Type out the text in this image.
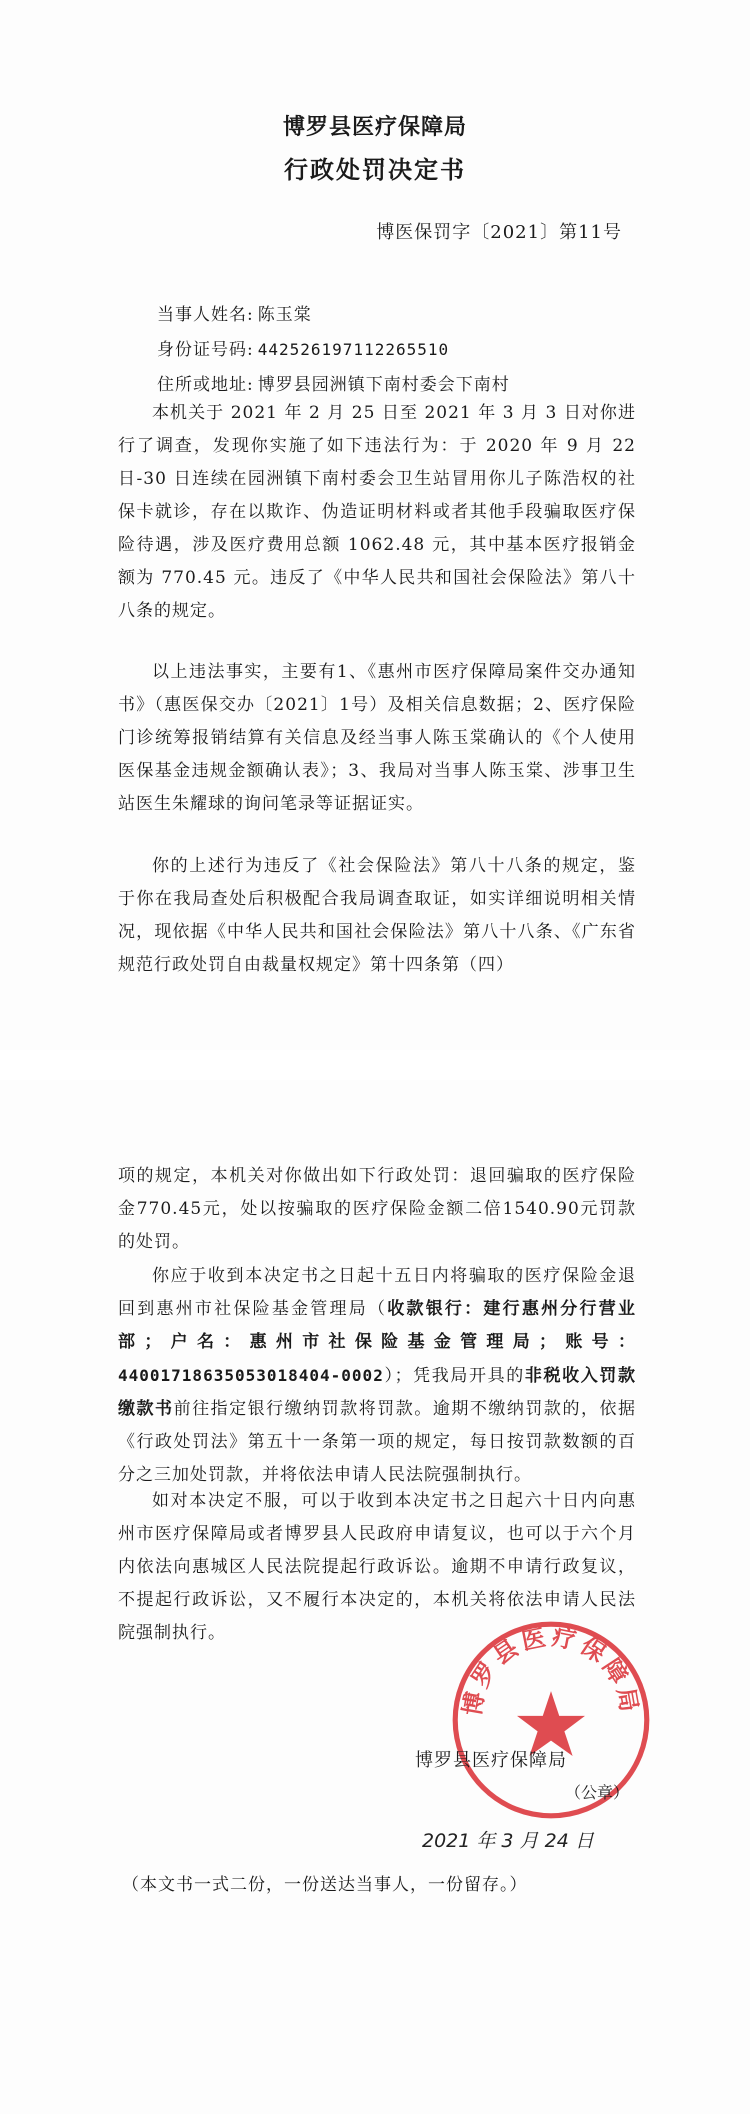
博罗县医疗保障局
行政处罚决定书
博医保罚字〔2021〕第11号
当事人姓名: 陈玉棠
身份证号码: 442526197112265510
住所或地址: 博罗县园洲镇下南村委会下南村

本机关于 2021 年 2 月 25 日至 2021 年 3 月 3 日对你进行了调查，发现你实施了如下违法行为：于 2020 年 9 月 22 日-30 日连续在园洲镇下南村委会卫生站冒用你儿子陈浩权的社保卡就诊，存在以欺诈、伪造证明材料或者其他手段骗取医疗保险待遇，涉及医疗费用总额 1062.48 元，其中基本医疗报销金额为 770.45 元。违反了《中华人民共和国社会保险法》第八十八条的规定。

以上违法事实，主要有1、《惠州市医疗保障局案件交办通知书》（惠医保交办〔2021〕1号）及相关信息数据；2、医疗保险门诊统筹报销结算有关信息及经当事人陈玉棠确认的《个人使用医保基金违规金额确认表》；3、我局对当事人陈玉棠、涉事卫生站医生朱耀球的询问笔录等证据证实。

你的上述行为违反了《社会保险法》第八十八条的规定，鉴于你在我局查处后积极配合我局调查取证，如实详细说明相关情况，现依据《中华人民共和国社会保险法》第八十八条、《广东省规范行政处罚自由裁量权规定》第十四条第（四）

项的规定，本机关对你做出如下行政处罚：退回骗取的医疗保险金770.45元，处以按骗取的医疗保险金额二倍1540.90元罚款的处罚。

你应于收到本决定书之日起十五日内将骗取的医疗保险金退回到惠州市社保险基金管理局（收款银行：建行惠州分行营业部；户名：惠州市社保险基金管理局；账号：44001718635053018404-0002）；凭我局开具的非税收入罚款缴款书前往指定银行缴纳罚款将罚款。逾期不缴纳罚款的，依据《行政处罚法》第五十一条第一项的规定，每日按罚款数额的百分之三加处罚款，并将依法申请人民法院强制执行。

如对本决定不服，可以于收到本决定书之日起六十日内向惠州市医疗保障局或者博罗县人民政府申请复议，也可以于六个月内依法向惠城区人民法院提起行政诉讼。逾期不申请行政复议，不提起行政诉讼，又不履行本决定的，本机关将依法申请人民法院强制执行。

博罗县医疗保障局
博罗县医疗保障局
（公章）
2021 年 3 月 24 日
（本文书一式二份，一份送达当事人，一份留存。）
